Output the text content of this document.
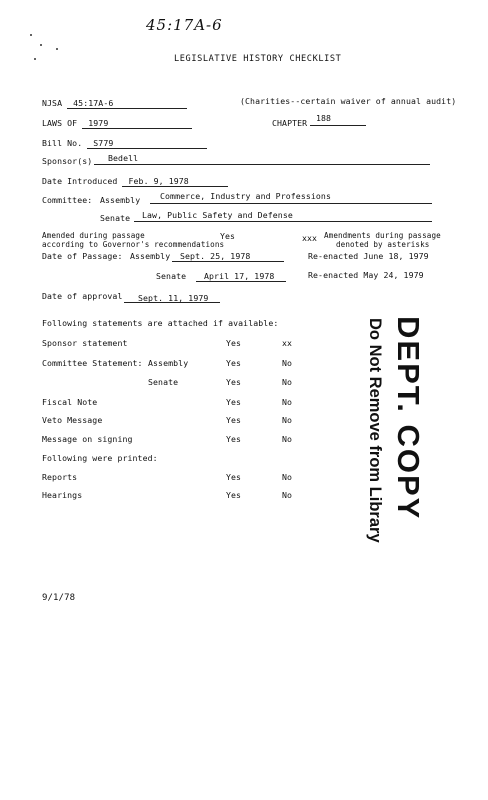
45:17A-6
LEGISLATIVE HISTORY CHECKLIST
NJSA 45:17A-6	(Charities--certain waiver of annual audit)
LAWS OF 1979	CHAPTER 188
Bill No. S779
Sponsor(s) Bedell
Date Introduced Feb. 9, 1978
Committee: Assembly Commerce, Industry and Professions
Senate Law, Public Safety and Defense
Amended during passage
according to Governor's recommendations
Yes	xxx Amendments during passage
denoted by asterisks
Date of Passage: Assembly Sept. 25, 1978	Re-enacted June 18, 1979
Senate April 17, 1978	Re-enacted May 24, 1979
Date of approval Sept. 11, 1979
Following statements are attached if available:
Sponsor statement	Yes	xx
Committee Statement: Assembly	Yes	No
Senate	Yes	No
Fiscal Note	Yes	No
Veto Message	Yes	No
Message on signing	Yes	No
Following were printed:
Reports	Yes	No
Hearings	Yes	No	DEPT. COPY
Do Not Remove from Library
9/1/78
